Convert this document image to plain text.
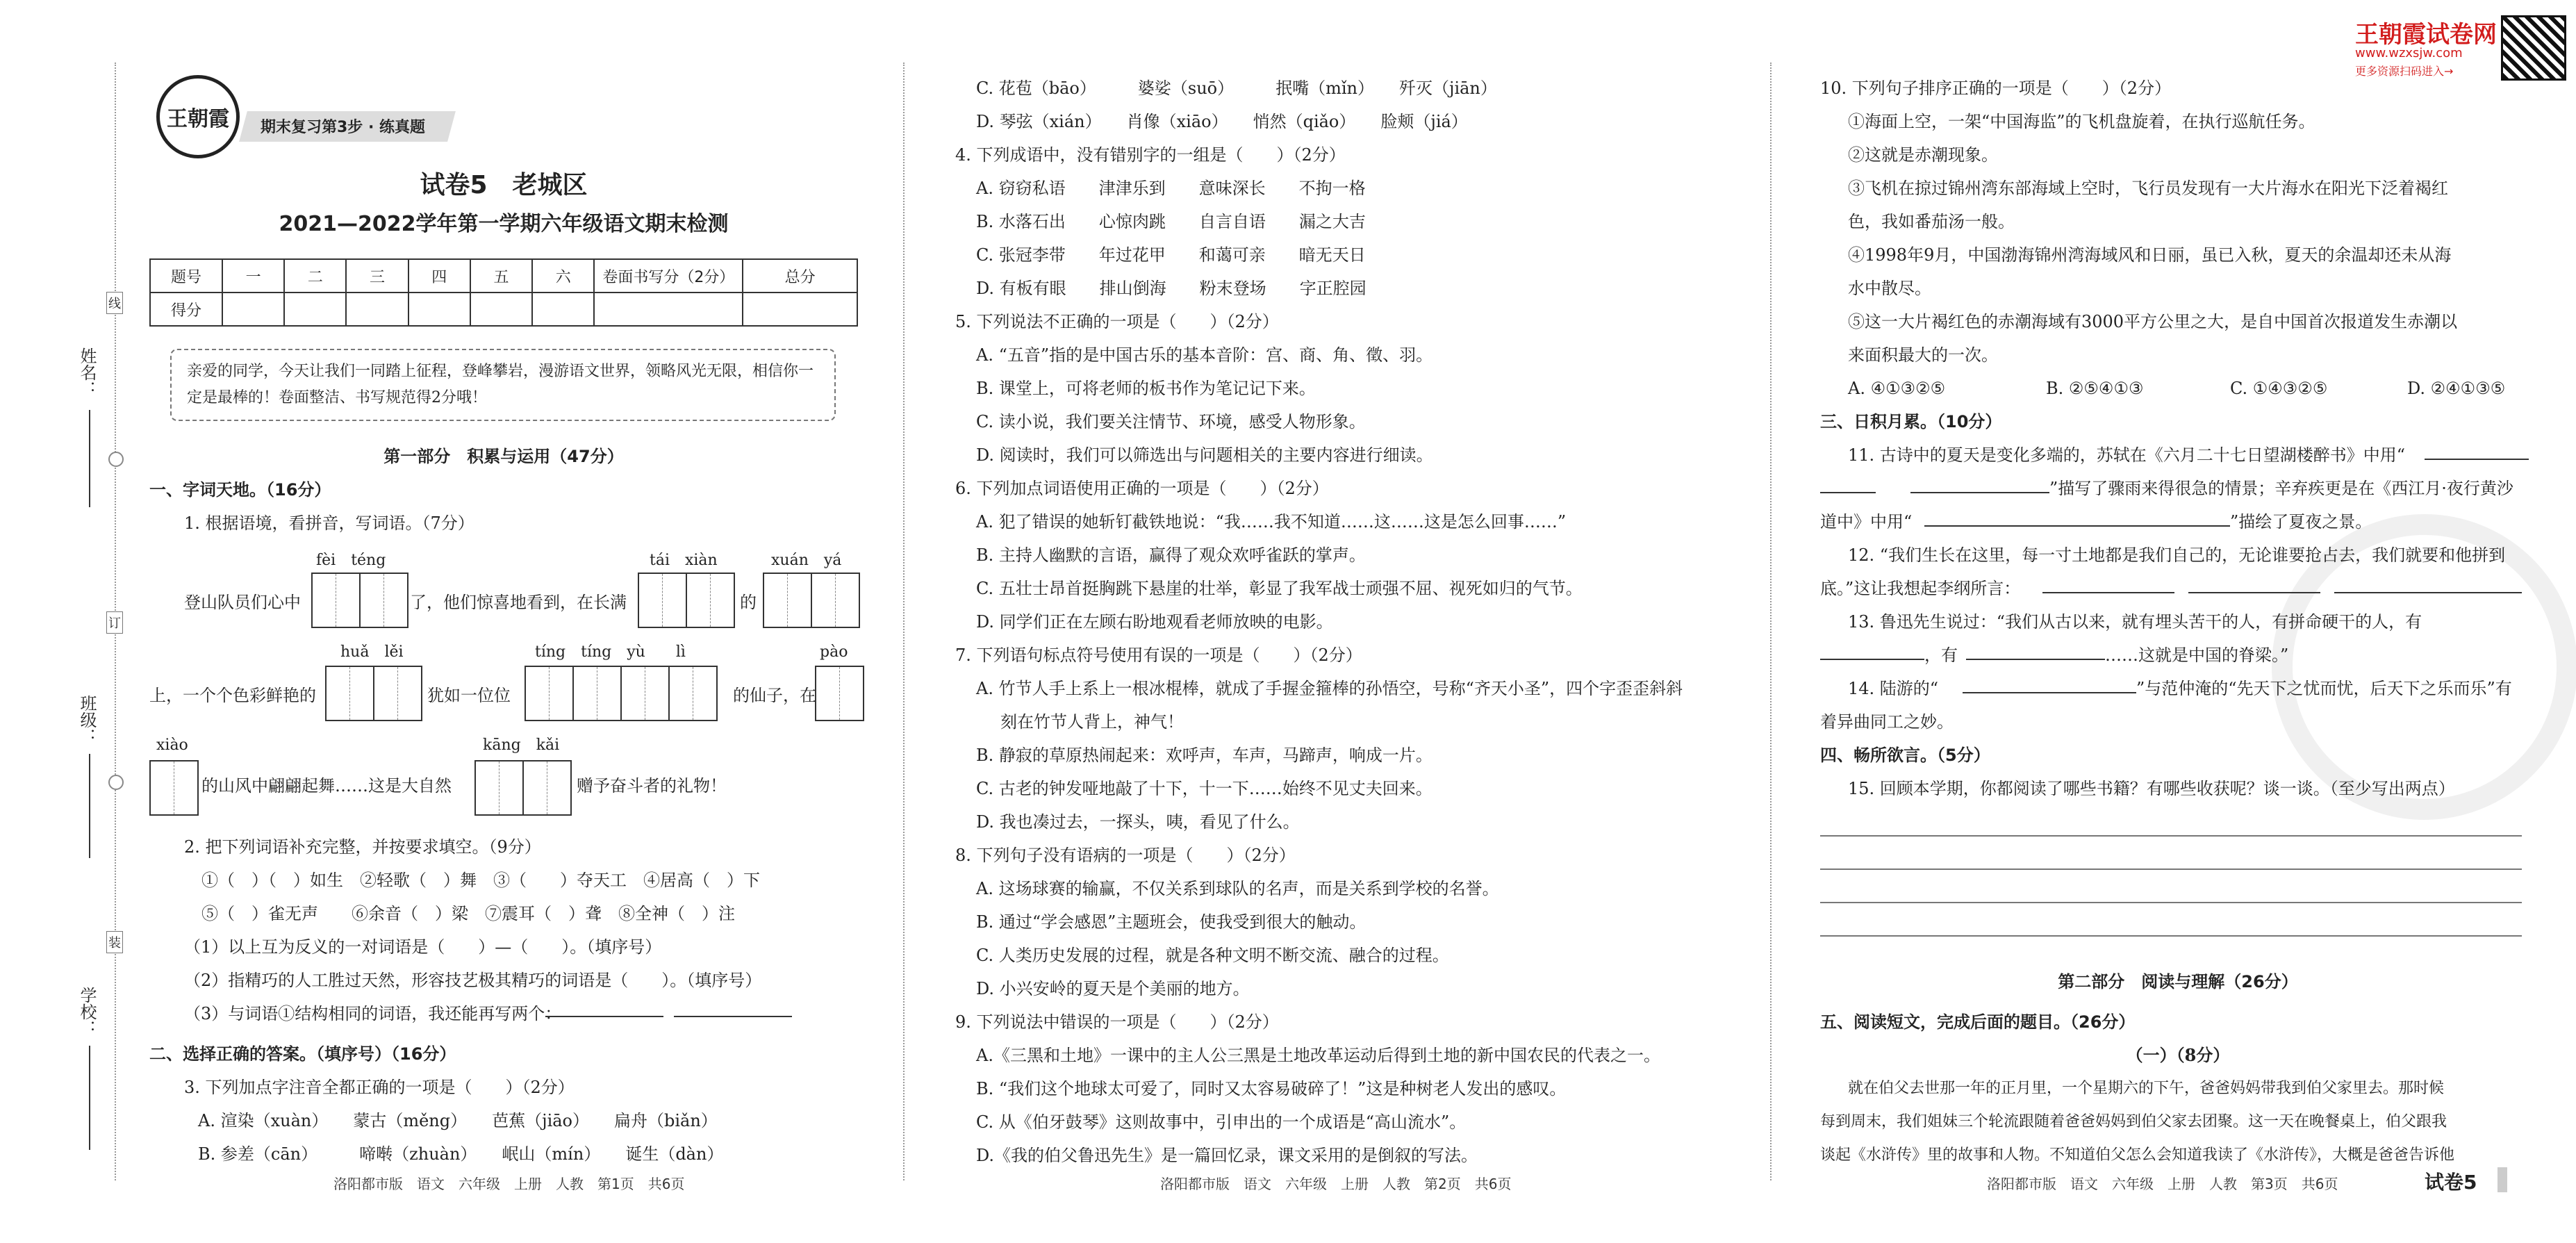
姓名：
班级：
学校：
线
订
装
王朝霞 期末复习第3步 · 练真题
王朝霞试卷网
www.wzxsjw.com
更多资源扫码进入→
试卷5　老城区
2021—2022学年第一学期六年级语文期末检测
题号	一	二	三	四	五	六	卷面书写分（2分）	总分
得分								
亲爱的同学，今天让我们一同踏上征程，登峰攀岩，漫游语文世界，领略风光无限，相信你一定是最棒的！卷面整洁、书写规范得2分哦！
第一部分　积累与运用（47分）
一、字词天地。（16分）
1. 根据语境，看拼音，写词语。（7分）
fèi　téng	tái　xiàn	xuán　yá
登山队员们心中	了，他们惊喜地看到，在长满	的
huǎ　lěi	tíng　tíng　yù　　lì	pào
上，一个个色彩鲜艳的	犹如一位位	的仙子，在
xiào	kāng　kǎi
的山风中翩翩起舞……这是大自然	赠予奋斗者的礼物！
2. 把下列词语补充完整，并按要求填空。（9分）
①（　）（　）如生　②轻歌（　）舞　③（　　）夺天工　④居高（　）下
⑤（　）雀无声　　⑥余音（　）梁　⑦震耳（　）聋　⑧全神（　）注
（1）以上互为反义的一对词语是（　　）—（　　）。（填序号）
（2）指精巧的人工胜过天然，形容技艺极其精巧的词语是（　　）。（填序号）
（3）与词语①结构相同的词语，我还能再写两个：
二、选择正确的答案。（填序号）（16分）
3. 下列加点字注音全都正确的一项是（　　）（2分）
A. 渲染（xuàn）　　蒙古（měng）　　芭蕉（jiāo）　　扁舟（biǎn）
B. 参差（cān）　　　啼啭（zhuàn）　　岷山（mín）　　诞生（dàn）
洛阳都市版　语文　六年级　上册　人教　第1页　共6页
C. 花苞（bāo）　　　婆娑（suō）　　　抿嘴（mǐn）　　歼灭（jiān）
D. 琴弦（xián）　　肖像（xiāo）　　悄然（qiǎo）　　脸颊（jiá）
4. 下列成语中，没有错别字的一组是（　　）（2分）
A. 窃窃私语　　津津乐到　　意味深长　　不拘一格
B. 水落石出　　心惊肉跳　　自言自语　　漏之大吉
C. 张冠李带　　年过花甲　　和蔼可亲　　暗无天日
D. 有板有眼　　排山倒海　　粉末登场　　字正腔园
5. 下列说法不正确的一项是（　　）（2分）
A. “五音”指的是中国古乐的基本音阶：宫、商、角、徵、羽。
B. 课堂上，可将老师的板书作为笔记记下来。
C. 读小说，我们要关注情节、环境，感受人物形象。
D. 阅读时，我们可以筛选出与问题相关的主要内容进行细读。
6. 下列加点词语使用正确的一项是（　　）（2分）
A. 犯了错误的她斩钉截铁地说：“我……我不知道……这……这是怎么回事……”
B. 主持人幽默的言语，赢得了观众欢呼雀跃的掌声。
C. 五壮士昂首挺胸跳下悬崖的壮举，彰显了我军战士顽强不屈、视死如归的气节。
D. 同学们正在左顾右盼地观看老师放映的电影。
7. 下列语句标点符号使用有误的一项是（　　）（2分）
A. 竹节人手上系上一根冰棍棒，就成了手握金箍棒的孙悟空，号称“齐天小圣”，四个字歪歪斜斜
刻在竹节人背上，神气！
B. 静寂的草原热闹起来：欢呼声，车声，马蹄声，响成一片。
C. 古老的钟发哑地敲了十下，十一下……始终不见丈夫回来。
D. 我也凑过去，一探头，咦，看见了什么。
8. 下列句子没有语病的一项是（　　）（2分）
A. 这场球赛的输赢，不仅关系到球队的名声，而是关系到学校的名誉。
B. 通过“学会感恩”主题班会，使我受到很大的触动。
C. 人类历史发展的过程，就是各种文明不断交流、融合的过程。
D. 小兴安岭的夏天是个美丽的地方。
9. 下列说法中错误的一项是（　　）（2分）
A.《三黑和土地》一课中的主人公三黑是土地改革运动后得到土地的新中国农民的代表之一。
B. “我们这个地球太可爱了，同时又太容易破碎了！”这是种树老人发出的感叹。
C. 从《伯牙鼓琴》这则故事中，引申出的一个成语是“高山流水”。
D.《我的伯父鲁迅先生》是一篇回忆录，课文采用的是倒叙的写法。
洛阳都市版　语文　六年级　上册　人教　第2页　共6页
10. 下列句子排序正确的一项是（　　）（2分）
①海面上空，一架“中国海监”的飞机盘旋着，在执行巡航任务。
②这就是赤潮现象。
③飞机在掠过锦州湾东部海域上空时，飞行员发现有一大片海水在阳光下泛着褐红
色，我如番茄汤一般。
④1998年9月，中国渤海锦州湾海域风和日丽，虽已入秋，夏天的余温却还未从海
水中散尽。
⑤这一大片褐红色的赤潮海域有3000平方公里之大，是自中国首次报道发生赤潮以
来面积最大的一次。
A. ④①③②⑤	B. ②⑤④①③	C. ①④③②⑤	D. ②④①③⑤
三、日积月累。（10分）
11. 古诗中的夏天是变化多端的，苏轼在《六月二十七日望湖楼醉书》中用“
”描写了骤雨来得很急的情景；辛弃疾更是在《西江月·夜行黄沙
道中》中用“	”描绘了夏夜之景。
12. “我们生长在这里，每一寸土地都是我们自己的，无论谁要抢占去，我们就要和他拼到
底。”这让我想起李纲所言：
13. 鲁迅先生说过：“我们从古以来，就有埋头苦干的人，有拼命硬干的人，有
，有	……这就是中国的脊梁。”
14. 陆游的“	”与范仲淹的“先天下之忧而忧，后天下之乐而乐”有
着异曲同工之妙。
四、畅所欲言。（5分）
15. 回顾本学期，你都阅读了哪些书籍？有哪些收获呢？谈一谈。（至少写出两点）
第二部分　阅读与理解（26分）
五、阅读短文，完成后面的题目。（26分）
（一）（8分）
就在伯父去世那一年的正月里，一个星期六的下午，爸爸妈妈带我到伯父家里去。那时候
每到周末，我们姐妹三个轮流跟随着爸爸妈妈到伯父家去团聚。这一天在晚餐桌上，伯父跟我
谈起《水浒传》里的故事和人物。不知道伯父怎么会知道我读了《水浒传》，大概是爸爸告诉他
洛阳都市版　语文　六年级　上册　人教　第3页　共6页	试卷5
